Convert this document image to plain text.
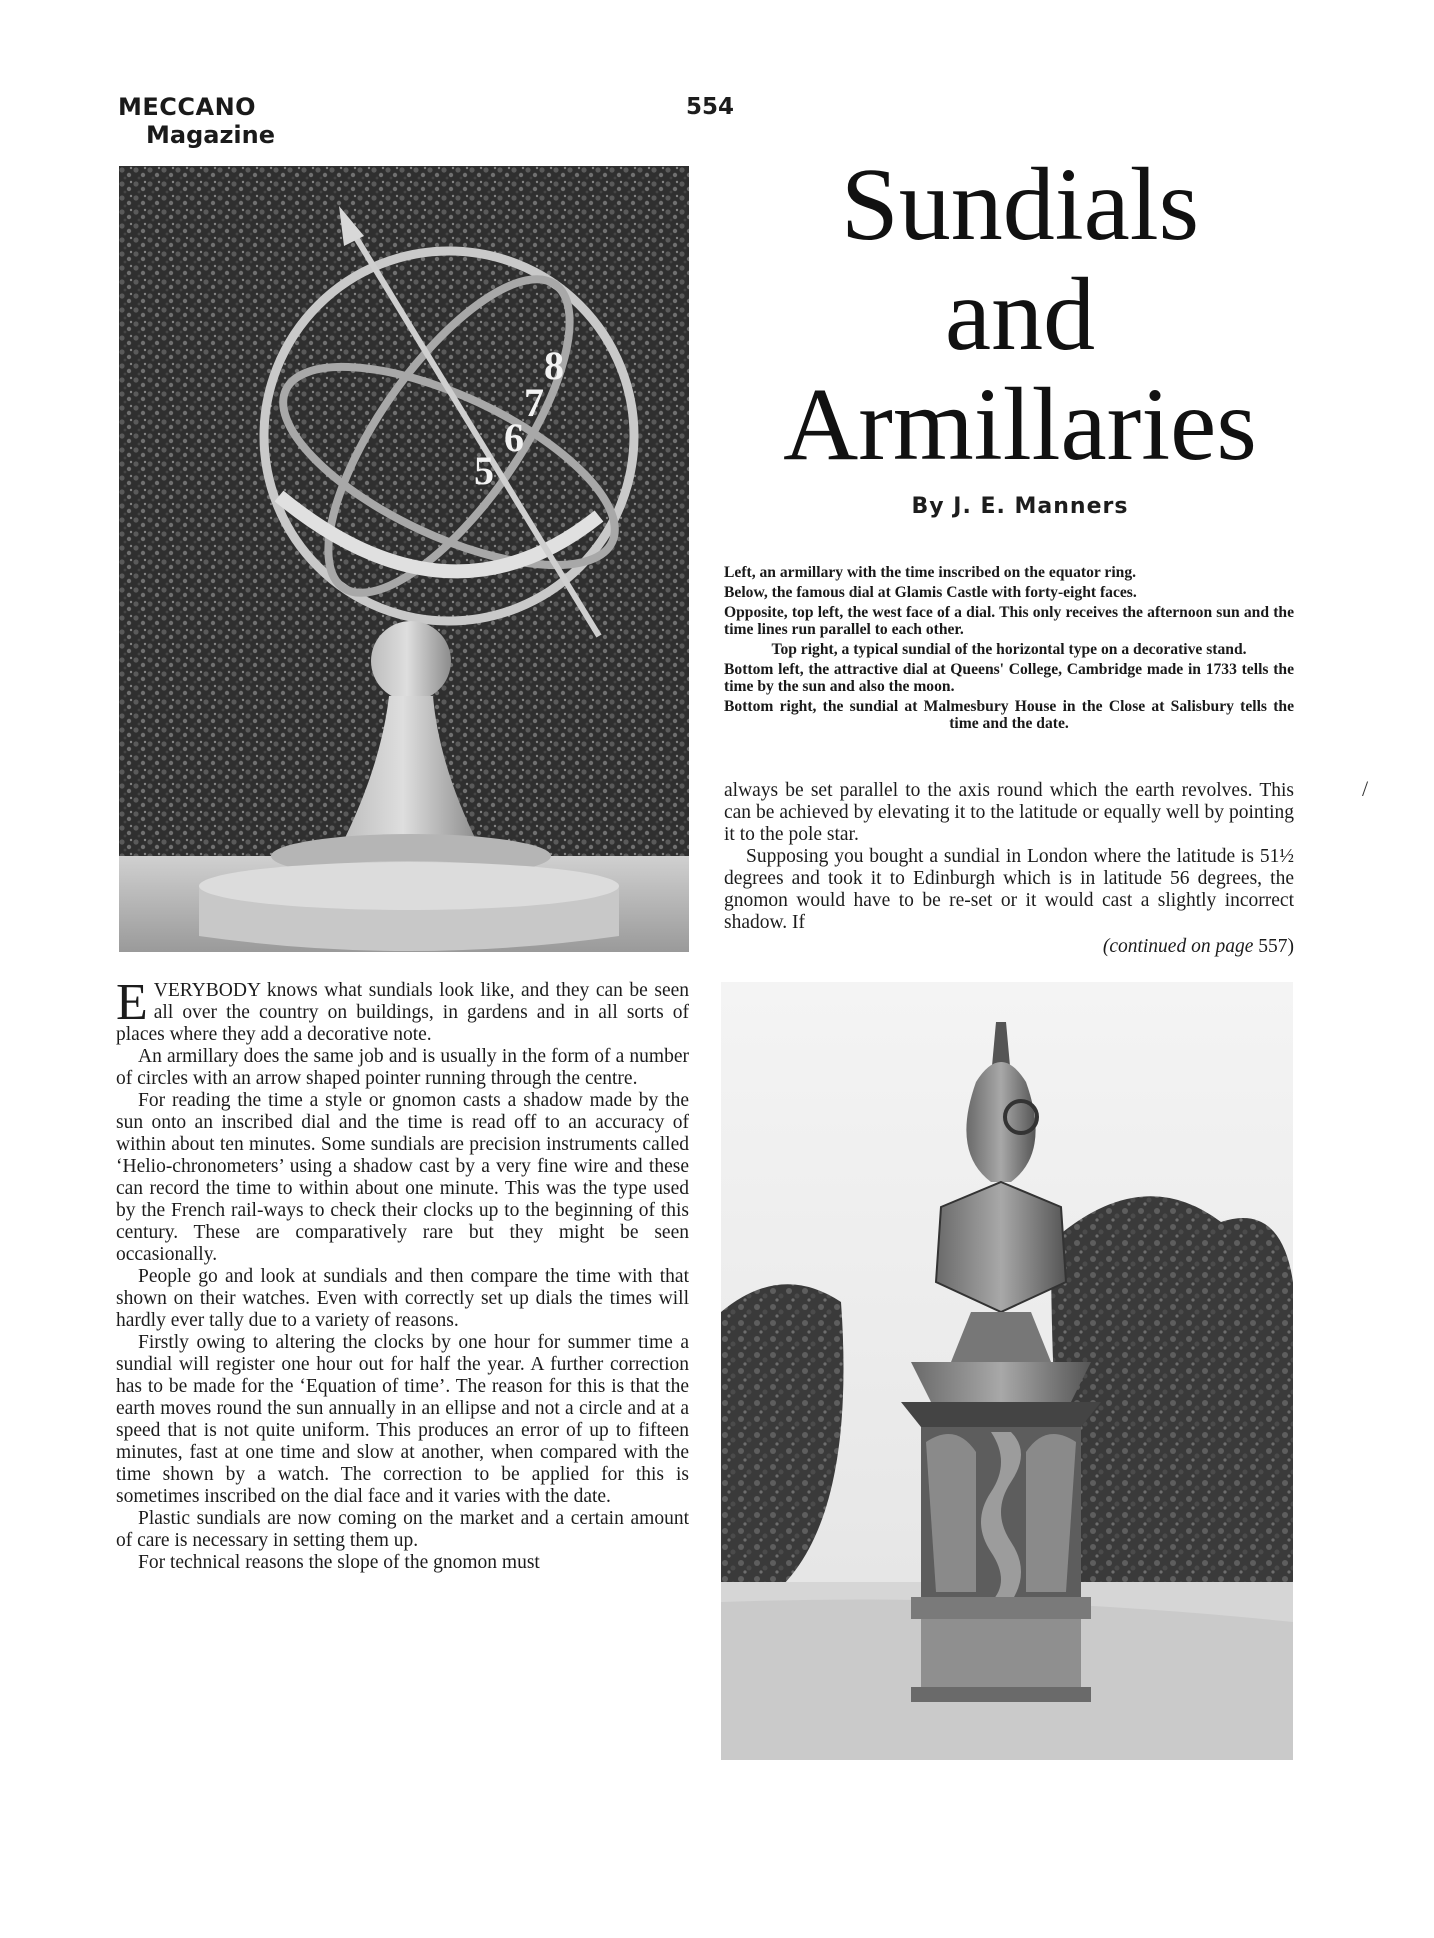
MECCANO
Magazine
554
Sundials
and
Armillaries
By J. E. Manners

Left, an armillary with the time inscribed on the equator ring.

Below, the famous dial at Glamis Castle with forty-eight faces.

Opposite, top left, the west face of a dial. This only receives the afternoon sun and the time lines run parallel to each other.

Top right, a typical sundial of the horizontal type on a decorative stand.

Bottom left, the attractive dial at Queens' College, Cambridge made in 1733 tells the time by the sun and also the moon.

Bottom right, the sundial at Malmesbury House in the Close at Salisbury tells the time and the date.

5
6
7
8

EVERYBODY knows what sundials look like, and they can be seen all over the country on buildings, in gardens and in all sorts of places where they add a decorative note.

An armillary does the same job and is usually in the form of a number of circles with an arrow shaped pointer running through the centre.

For reading the time a style or gnomon casts a shadow made by the sun onto an inscribed dial and the time is read off to an accuracy of within about ten minutes. Some sundials are precision instruments called ‘Helio-chronometers’ using a shadow cast by a very fine wire and these can record the time to within about one minute. This was the type used by the French rail-ways to check their clocks up to the beginning of this century. These are comparatively rare but they might be seen occasionally.

People go and look at sundials and then compare the time with that shown on their watches. Even with correctly set up dials the times will hardly ever tally due to a variety of reasons.

Firstly owing to altering the clocks by one hour for summer time a sundial will register one hour out for half the year. A further correction has to be made for the ‘Equation of time’. The reason for this is that the earth moves round the sun annually in an ellipse and not a circle and at a speed that is not quite uniform. This produces an error of up to fifteen minutes, fast at one time and slow at another, when compared with the time shown by a watch. The correction to be applied for this is sometimes inscribed on the dial face and it varies with the date.

Plastic sundials are now coming on the market and a certain amount of care is necessary in setting them up.

For technical reasons the slope of the gnomon must

always be set parallel to the axis round which the earth revolves. This can be achieved by elevating it to the latitude or equally well by pointing it to the pole star.

Supposing you bought a sundial in London where the latitude is 51½ degrees and took it to Edinburgh which is in latitude 56 degrees, the gnomon would have to be re-set or it would cast a slightly incorrect shadow. If

(continued on page 557)
/
